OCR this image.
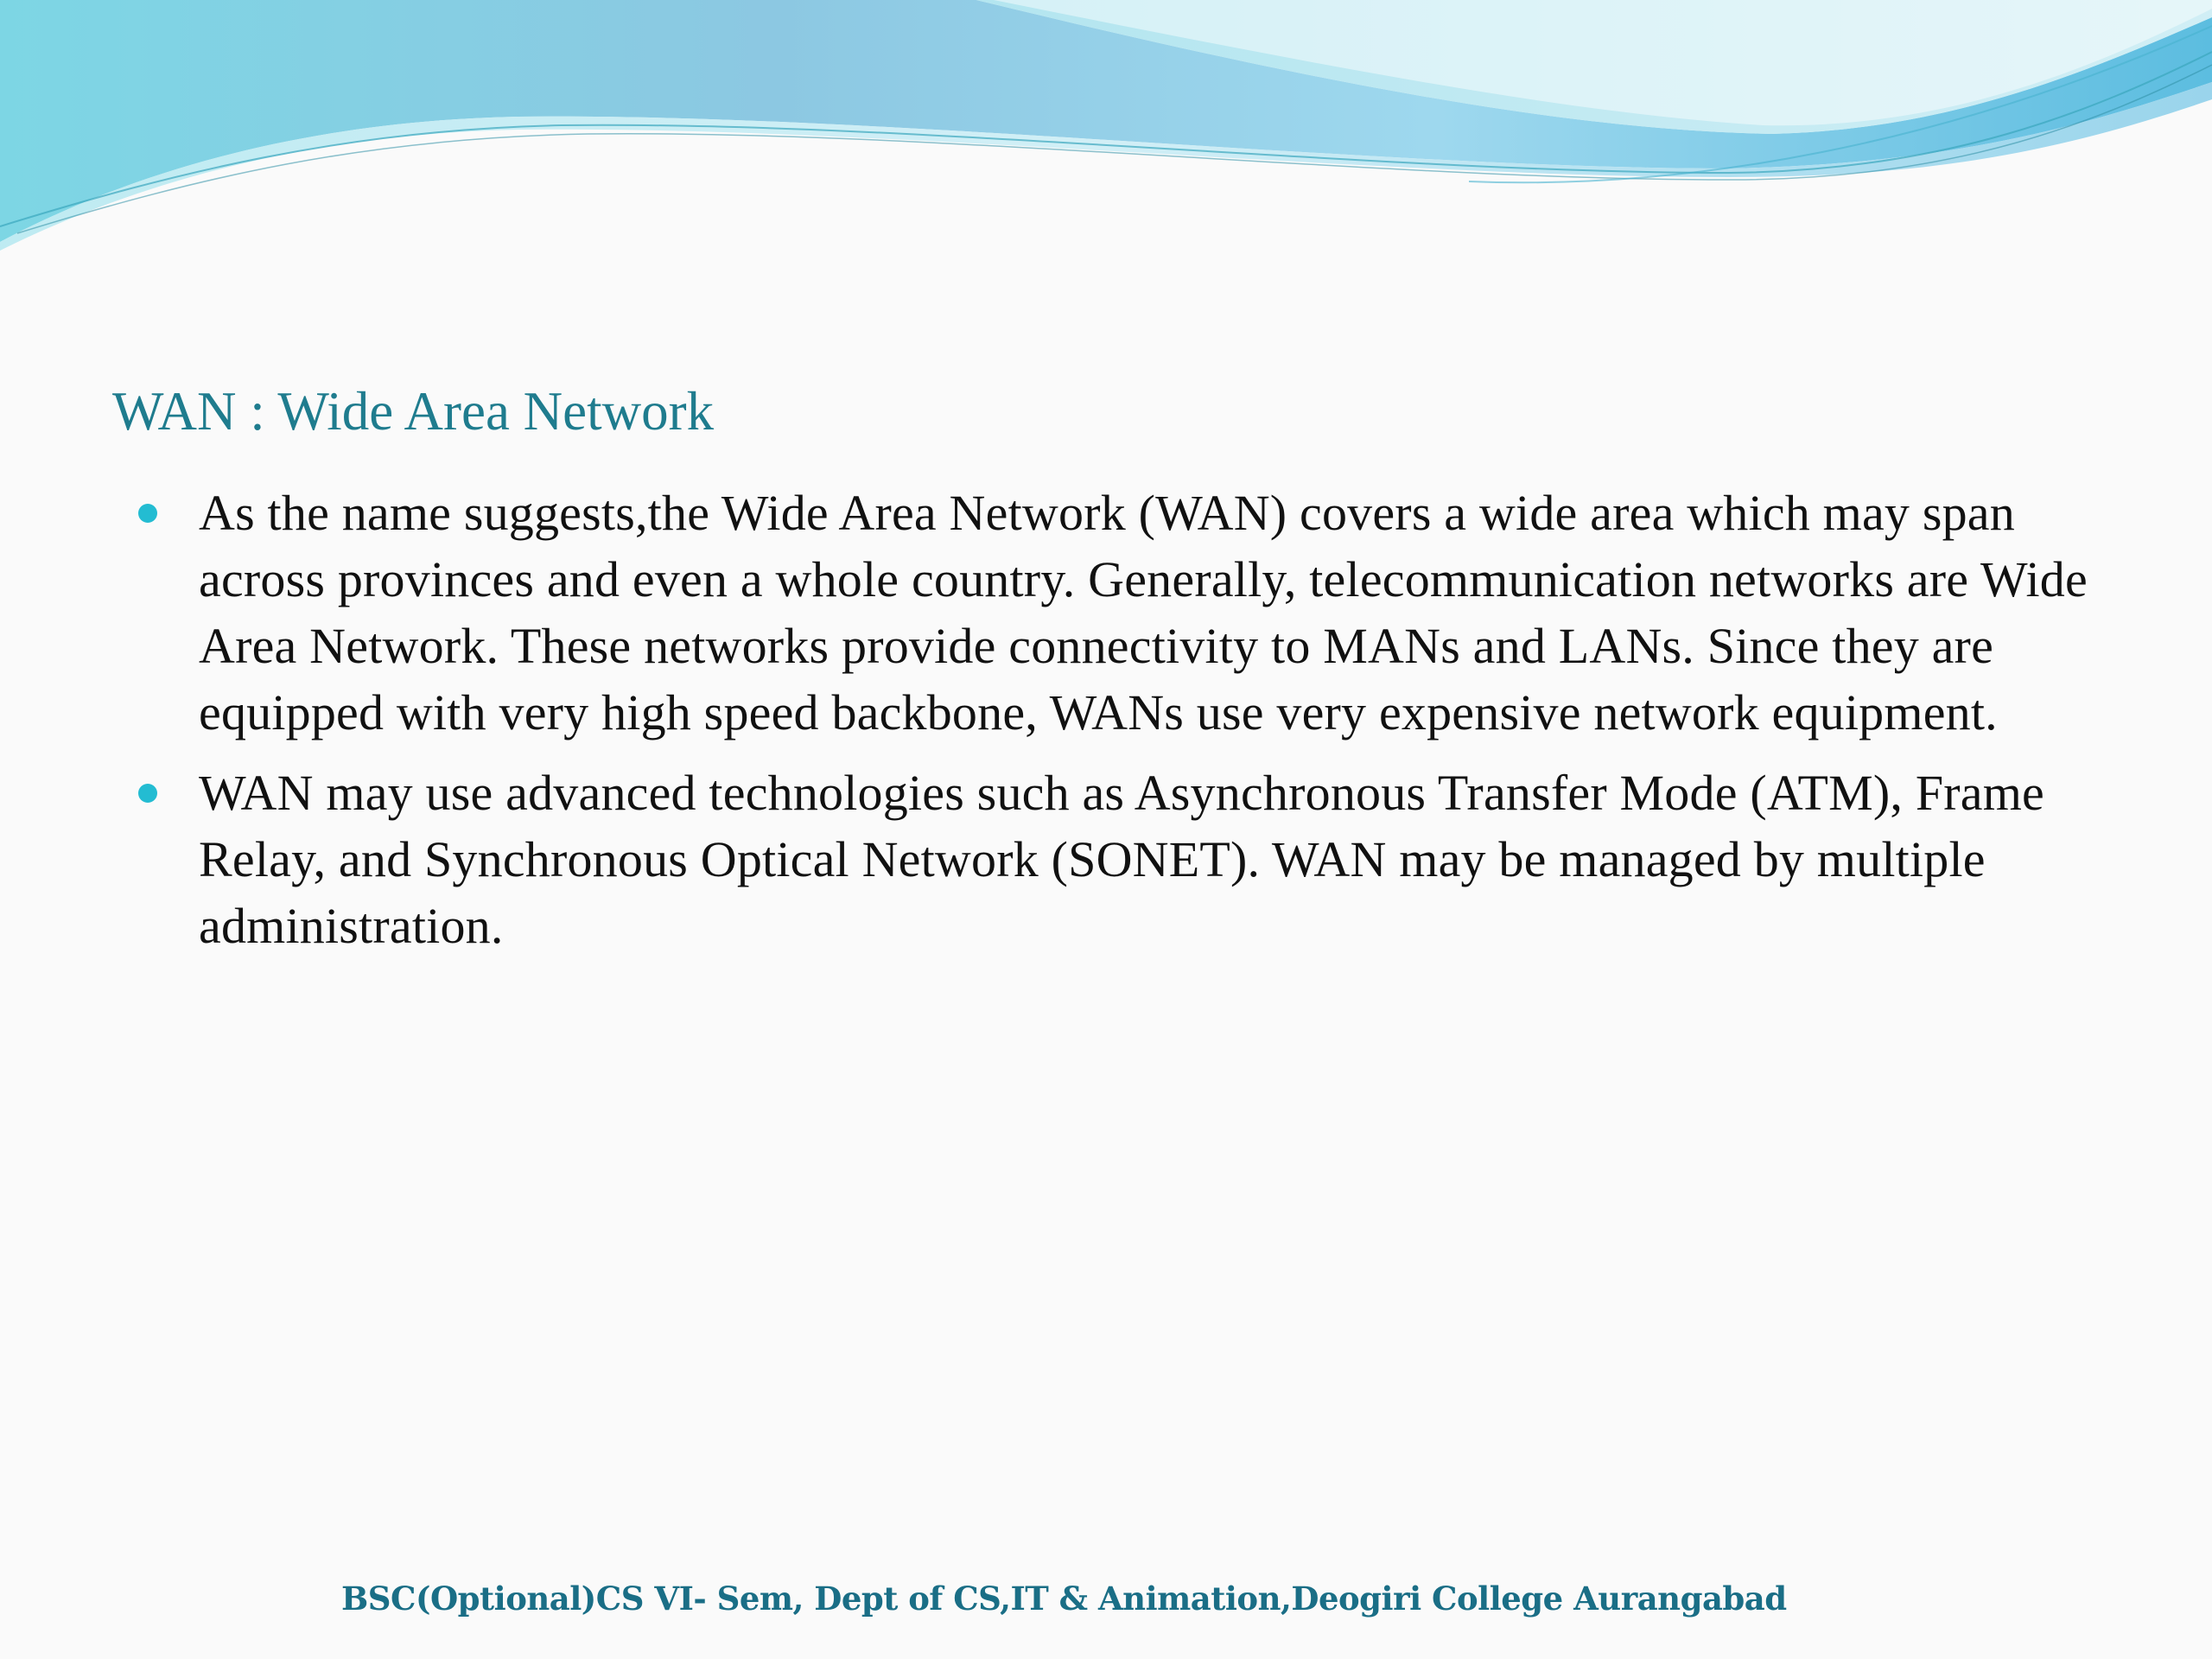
WAN : Wide Area Network
As the name suggests,the Wide Area Network (WAN) covers a wide area which may span across provinces and even a whole country. Generally, telecommunication networks are Wide Area Network. These networks provide connectivity to MANs and LANs. Since they are equipped with very high speed backbone, WANs use very expensive network equipment.
WAN may use advanced technologies such as Asynchronous Transfer Mode (ATM), Frame Relay, and Synchronous Optical Network (SONET). WAN may be managed by multiple administration.

BSC(Optional)CS VI- Sem, Dept of CS,IT & Animation,Deogiri College Aurangabad
